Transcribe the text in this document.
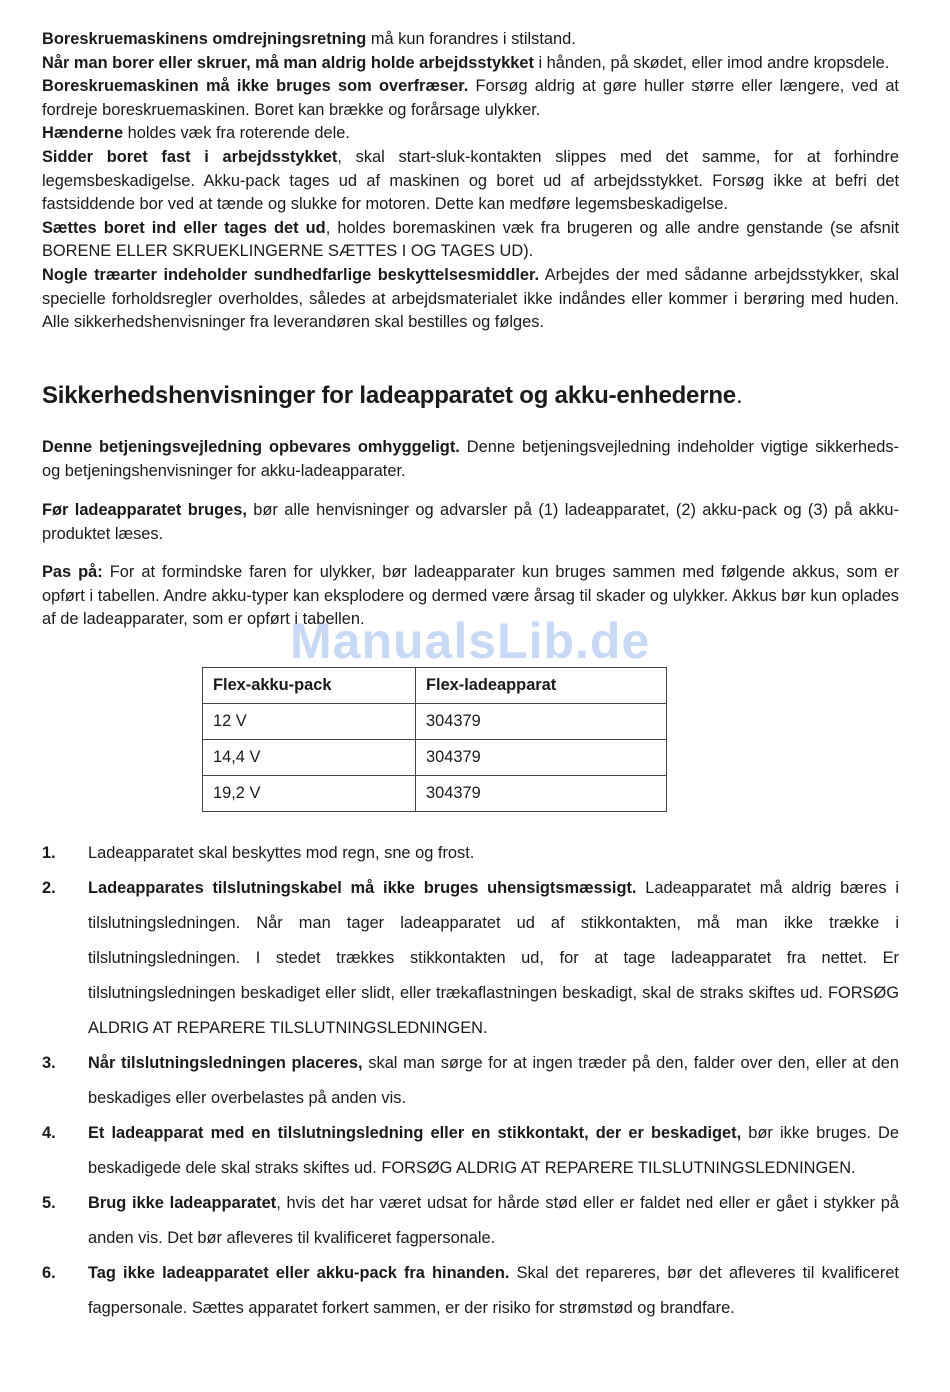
Boreskruemaskinens omdrejningsretning må kun forandres i stilstand.

Når man borer eller skruer, må man aldrig holde arbejdsstykket i hånden, på skødet, eller imod andre kropsdele.

Boreskruemaskinen må ikke bruges som overfræser. Forsøg aldrig at gøre huller større eller længere, ved at fordreje boreskruemaskinen. Boret kan brække og forårsage ulykker.

Hænderne holdes væk fra roterende dele.

Sidder boret fast i arbejdsstykket, skal start-sluk-kontakten slippes med det samme, for at forhindre legemsbeskadigelse. Akku-pack tages ud af maskinen og boret ud af arbejdsstykket. Forsøg ikke at befri det fastsiddende bor ved at tænde og slukke for motoren. Dette kan medføre legemsbeskadigelse.

Sættes boret ind eller tages det ud, holdes boremaskinen væk fra brugeren og alle andre genstande (se afsnit BORENE ELLER SKRUEKLINGERNE SÆTTES I OG TAGES UD).

Nogle træarter indeholder sundhedfarlige beskyttelsesmiddler. Arbejdes der med sådanne arbejdsstykker, skal specielle forholdsregler overholdes, således at arbejdsmaterialet ikke indåndes eller kommer i berøring med huden. Alle sikkerhedshenvisninger fra leverandøren skal bestilles og følges.

Sikkerhedshenvisninger for ladeapparatet og akku-enhederne.

Denne betjeningsvejledning opbevares omhyggeligt. Denne betjeningsvejledning indeholder vigtige sikkerheds- og betjeningshenvisninger for akku-ladeapparater.

Før ladeapparatet bruges, bør alle henvisninger og advarsler på (1) ladeapparatet, (2) akku-pack og (3) på akku-produktet læses.

Pas på: For at formindske faren for ulykker, bør ladeapparater kun bruges sammen med følgende akkus, som er opført i tabellen. Andre akku-typer kan eksplodere og dermed være årsag til skader og ulykker. Akkus bør kun oplades af de ladeapparater, som er opført i tabellen.

Flex-akku-pack	Flex-ladeapparat
12 V	304379
14,4 V	304379
19,2 V	304379
1.	Ladeapparatet skal beskyttes mod regn, sne og frost.
2.	Ladeapparates tilslutningskabel må ikke bruges uhensigtsmæssigt. Ladeapparatet må aldrig bæres i tilslutningsledningen. Når man tager ladeapparatet ud af stikkontakten, må man ikke trække i tilslutningsledningen. I stedet trækkes stikkontakten ud, for at tage ladeapparatet fra nettet. Er tilslutningsledningen beskadiget eller slidt, eller trækaflastningen beskadigt, skal de straks skiftes ud. FORSØG ALDRIG AT REPARERE TILSLUTNINGSLEDNINGEN.
3.	Når tilslutningsledningen placeres, skal man sørge for at ingen træder på den, falder over den, eller at den beskadiges eller overbelastes på anden vis.
4.	Et ladeapparat med en tilslutningsledning eller en stikkontakt, der er beskadiget, bør ikke bruges. De beskadigede dele skal straks skiftes ud. FORSØG ALDRIG AT REPARERE TILSLUTNINGSLEDNINGEN.
5.	Brug ikke ladeapparatet, hvis det har været udsat for hårde stød eller er faldet ned eller er gået i stykker på anden vis. Det bør afleveres til kvalificeret fagpersonale.
6.	Tag ikke ladeapparatet eller akku-pack fra hinanden. Skal det repareres, bør det afleveres til kvalificeret fagpersonale. Sættes apparatet forkert sammen, er der risiko for strømstød og brandfare.
ManualsLib.de
